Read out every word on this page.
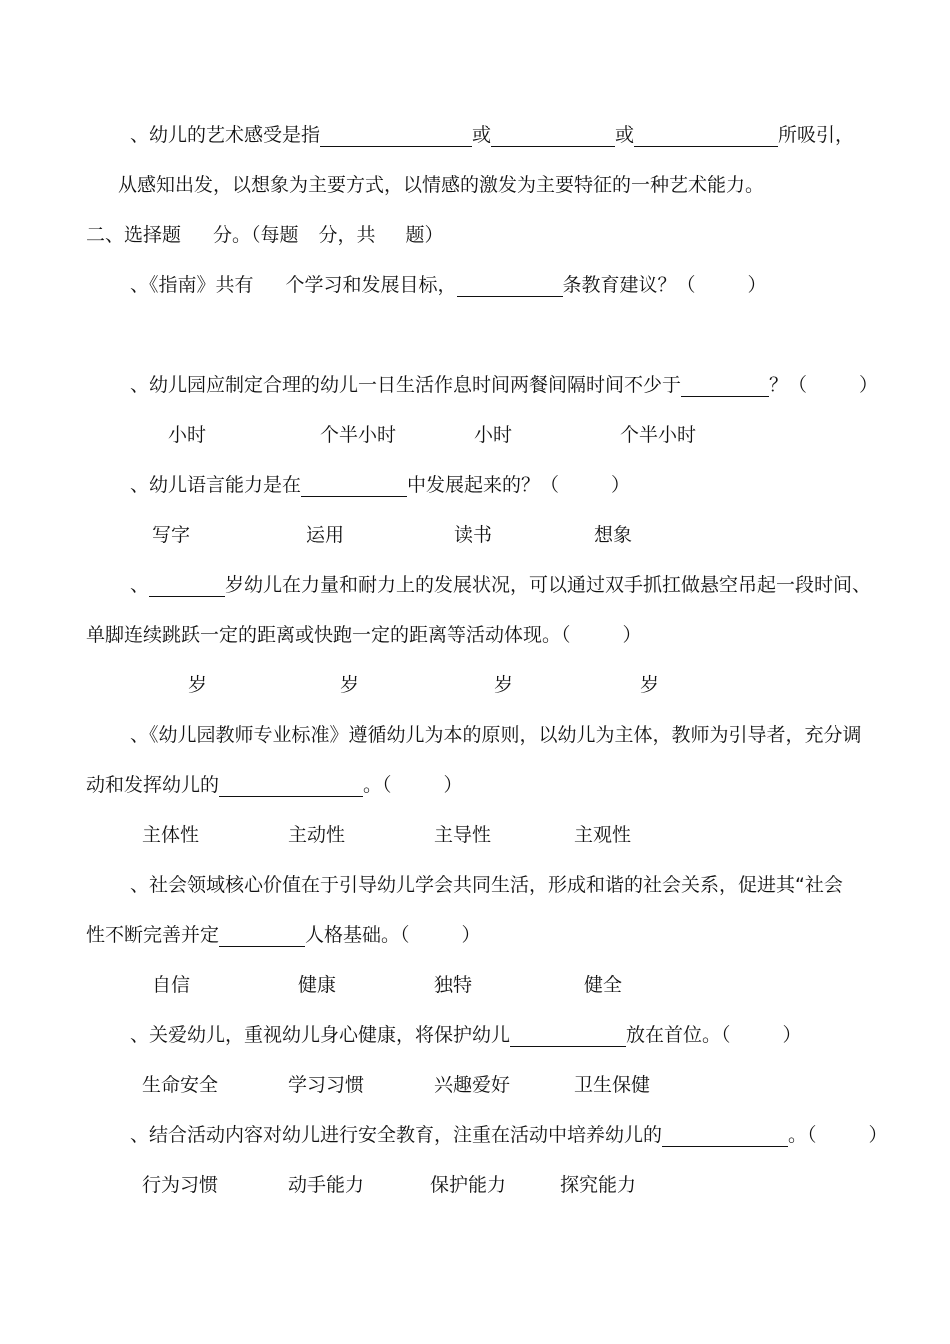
、幼儿的艺术感受是指	或	或	所吸引，
从感知出发，以想象为主要方式，以情感的激发为主要特征的一种艺术能力。
二、选择题 分。（每题 分，共 题）
、《指南》共有 个学习和发展目标，	条教育建议？（	）
、幼儿园应制定合理的幼儿一日生活作息时间两餐间隔时间不少于	？（	）
小时	个半小时	小时	个半小时
、幼儿语言能力是在	中发展起来的？（	）
写字	运用	读书	想象
、	岁幼儿在力量和耐力上的发展状况，可以通过双手抓扛做悬空吊起一段时间、
单脚连续跳跃一定的距离或快跑一定的距离等活动体现。（	）
岁	岁	岁	岁
、《幼儿园教师专业标准》遵循幼儿为本的原则，以幼儿为主体，教师为引导者，充分调
动和发挥幼儿的	。（	）
主体性	主动性	主导性	主观性
、社会领域核心价值在于引导幼儿学会共同生活，形成和谐的社会关系，促进其“社会
性不断完善并定	人格基础。（	）
自信	健康	独特	健全
、关爱幼儿，重视幼儿身心健康，将保护幼儿	放在首位。（	）
生命安全	学习习惯	兴趣爱好	卫生保健
、结合活动内容对幼儿进行安全教育，注重在活动中培养幼儿的	。（	）
行为习惯	动手能力	保护能力	探究能力
